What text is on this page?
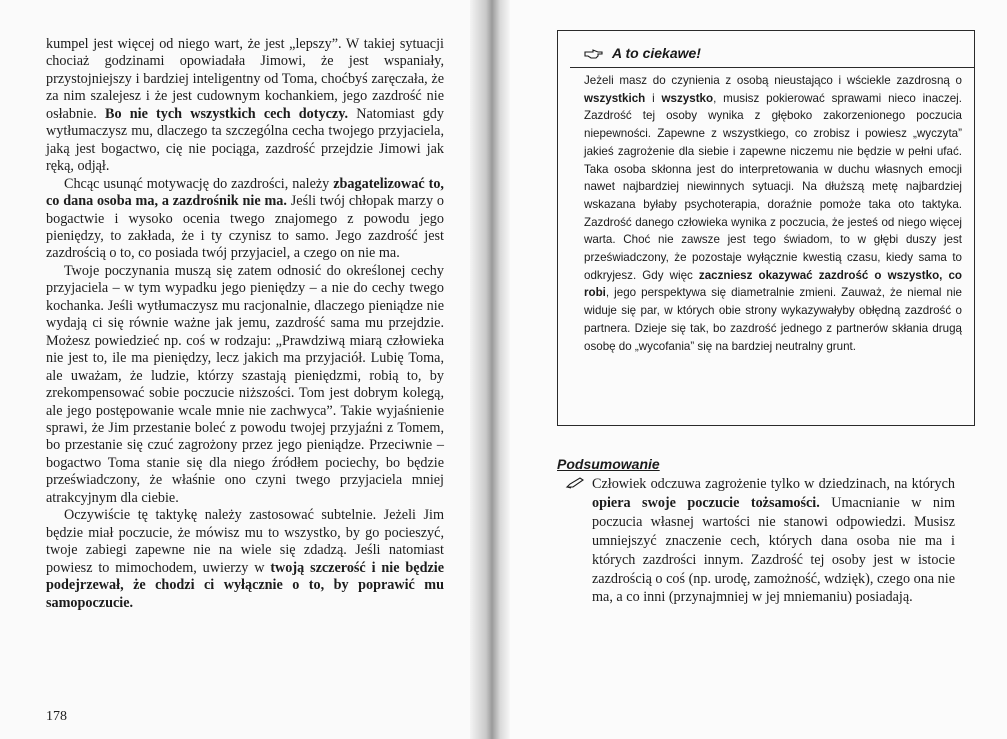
kumpel jest więcej od niego wart, że jest „lepszy”. W takiej sytuacji chociaż godzinami opowiadała Jimowi, że jest wspaniały, przystojniejszy i bardziej inteligentny od Toma, choćbyś zaręczała, że za nim szalejesz i że jest cudownym kochankiem, jego zazdrość nie osłabnie. Bo nie tych wszystkich cech dotyczy. Natomiast gdy wytłumaczysz mu, dlaczego ta szczególna cecha twojego przyjaciela, jaką jest bogactwo, cię nie pociąga, zazdrość przejdzie Jimowi jak ręką, odjął.

Chcąc usunąć motywację do zazdrości, należy zbagatelizować to, co dana osoba ma, a zazdrośnik nie ma. Jeśli twój chłopak marzy o bogactwie i wysoko ocenia twego znajomego z powodu jego pieniędzy, to zakłada, że i ty czynisz to samo. Jego zazdrość jest zazdrością o to, co posiada twój przyjaciel, a czego on nie ma.

Twoje poczynania muszą się zatem odnosić do określonej cechy przyjaciela – w tym wypadku jego pieniędzy – a nie do cechy twego kochanka. Jeśli wytłumaczysz mu racjonalnie, dlaczego pieniądze nie wydają ci się równie ważne jak jemu, zazdrość sama mu przejdzie. Możesz powiedzieć np. coś w rodzaju: „Prawdziwą miarą człowieka nie jest to, ile ma pieniędzy, lecz jakich ma przyjaciół. Lubię Toma, ale uważam, że ludzie, którzy szastają pieniędzmi, robią to, by zrekompensować sobie poczucie niższości. Tom jest dobrym kolegą, ale jego postępowanie wcale mnie nie zachwyca”. Takie wyjaśnienie sprawi, że Jim przestanie boleć z powodu twojej przyjaźni z Tomem, bo przestanie się czuć zagrożony przez jego pieniądze. Przeciwnie – bogactwo Toma stanie się dla niego źródłem pociechy, bo będzie przeświadczony, że właśnie ono czyni twego przyjaciela mniej atrakcyjnym dla ciebie.

Oczywiście tę taktykę należy zastosować subtelnie. Jeżeli Jim będzie miał poczucie, że mówisz mu to wszystko, by go pocieszyć, twoje zabiegi zapewne nie na wiele się zdadzą. Jeśli natomiast powiesz to mimochodem, uwierzy w twoją szczerość i nie będzie podejrzewał, że chodzi ci wyłącznie o to, by poprawić mu samopoczucie.

178
A to ciekawe!
Jeżeli masz do czynienia z osobą nieustająco i wściekle zazdrosną o wszystkich i wszystko, musisz pokierować sprawami nieco inaczej. Zazdrość tej osoby wynika z głęboko zakorzenionego poczucia niepewności. Zapewne z wszystkiego, co zrobisz i powiesz „wyczyta” jakieś zagrożenie dla siebie i zapewne niczemu nie będzie w pełni ufać. Taka osoba skłonna jest do interpretowania w duchu własnych emocji nawet najbardziej niewinnych sytuacji. Na dłuższą metę najbardziej wskazana byłaby psychoterapia, doraźnie pomoże taka oto taktyka. Zazdrość danego człowieka wynika z poczucia, że jesteś od niego więcej warta. Choć nie zawsze jest tego świadom, to w głębi duszy jest przeświadczony, że pozostaje wyłącznie kwestią czasu, kiedy sama to odkryjesz. Gdy więc zaczniesz okazywać zazdrość o wszystko, co robi, jego perspektywa się diametralnie zmieni. Zauważ, że niemal nie widuje się par, w których obie strony wykazywałyby obłędną zazdrość o partnera. Dzieje się tak, bo zazdrość jednego z partnerów skłania drugą osobę do „wycofania” się na bardziej neutralny grunt.
Podsumowanie
Człowiek odczuwa zagrożenie tylko w dziedzinach, na których opiera swoje poczucie tożsamości. Umacnianie w nim poczucia własnej wartości nie stanowi odpowiedzi. Musisz umniejszyć znaczenie cech, których dana osoba nie ma i których zazdrości innym. Zazdrość tej osoby jest w istocie zazdrością o coś (np. urodę, zamożność, wdzięk), czego ona nie ma, a co inni (przynajmniej w jej mniemaniu) posiadają.
